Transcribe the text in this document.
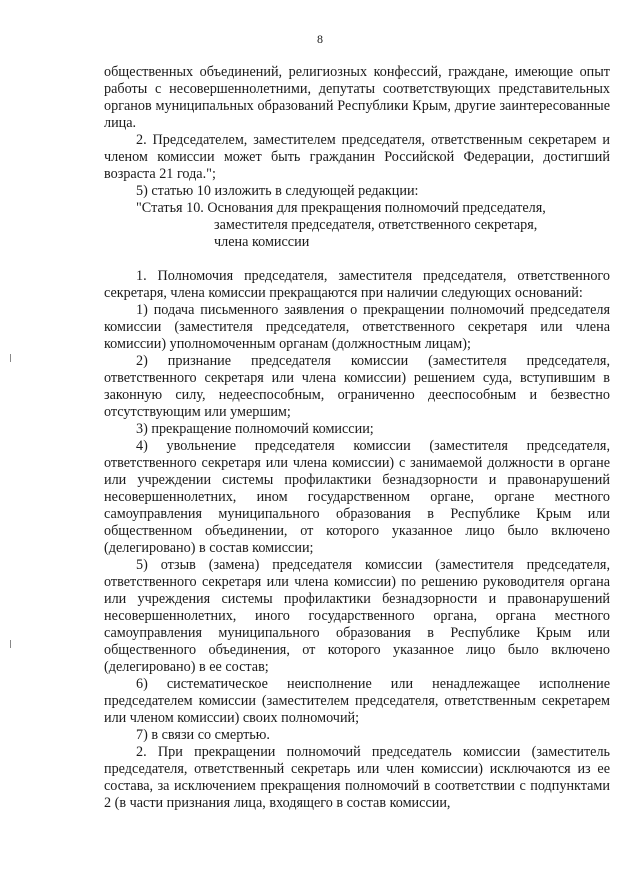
8

общественных объединений, религиозных конфессий, граждане, имеющие опыт работы с несовершеннолетними, депутаты соответствующих представительных органов муниципальных образований Республики Крым, другие заинтересованные лица.

2. Председателем, заместителем председателя, ответственным секретарем и членом комиссии может быть гражданин Российской Федерации, достигший возраста 21 года.";

5) статью 10 изложить в следующей редакции:

"Статья 10. Основания для прекращения полномочий председателя,
заместителя председателя, ответственного секретаря,
члена комиссии

1. Полномочия председателя, заместителя председателя, ответственного секретаря, члена комиссии прекращаются при наличии следующих оснований:

1) подача письменного заявления о прекращении полномочий председателя комиссии (заместителя председателя, ответственного секретаря или члена комиссии) уполномоченным органам (должностным лицам);

2) признание председателя комиссии (заместителя председателя, ответственного секретаря или члена комиссии) решением суда, вступившим в законную силу, недееспособным, ограниченно дееспособным и безвестно отсутствующим или умершим;

3) прекращение полномочий комиссии;

4) увольнение председателя комиссии (заместителя председателя, ответственного секретаря или члена комиссии) с занимаемой должности в органе или учреждении системы профилактики безнадзорности и правонарушений несовершеннолетних, ином государственном органе, органе местного самоуправления муниципального образования в Республике Крым или общественном объединении, от которого указанное лицо было включено (делегировано) в состав комиссии;

5) отзыв (замена) председателя комиссии (заместителя председателя, ответственного секретаря или члена комиссии) по решению руководителя органа или учреждения системы профилактики безнадзорности и правонарушений несовершеннолетних, иного государственного органа, органа местного самоуправления муниципального образования в Республике Крым или общественного объединения, от которого указанное лицо было включено (делегировано) в ее состав;

6) систематическое неисполнение или ненадлежащее исполнение председателем комиссии (заместителем председателя, ответственным секретарем или членом комиссии) своих полномочий;

7) в связи со смертью.

2. При прекращении полномочий председатель комиссии (заместитель председателя, ответственный секретарь или член комиссии) исключаются из ее состава, за исключением прекращения полномочий в соответствии с подпунктами 2 (в части признания лица, входящего в состав комиссии,
